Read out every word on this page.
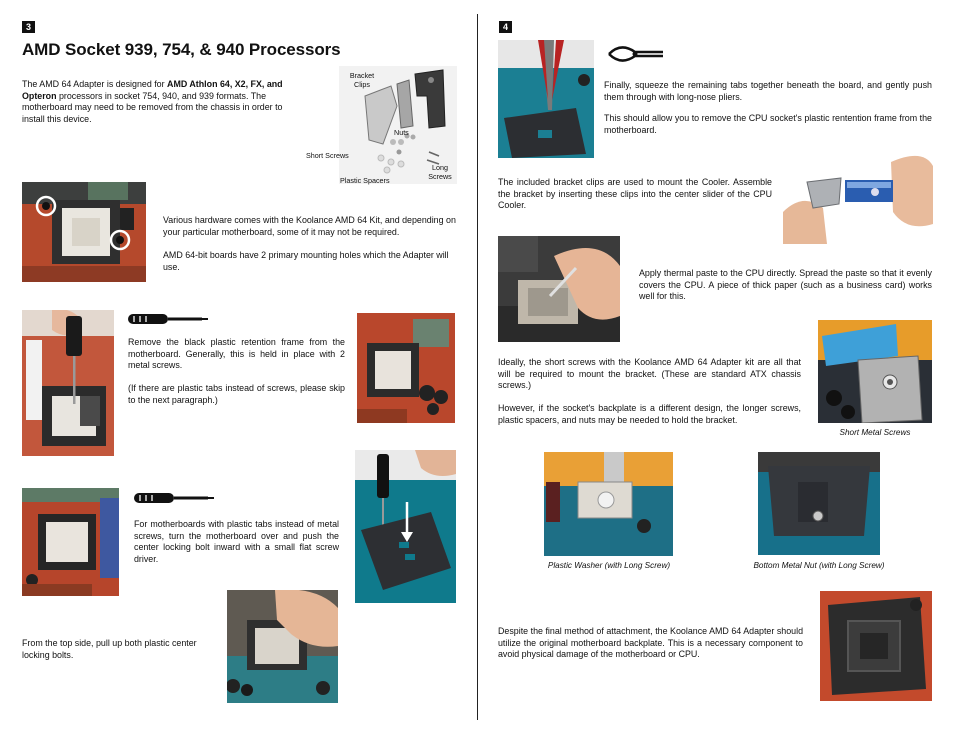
3
AMD Socket 939, 754, & 940 Processors
The AMD 64 Adapter is designed for AMD Athlon 64, X2, FX, and Opteron processors in socket 754, 940, and 939 formats. The motherboard may need to be removed from the chassis in order to install this device.
Bracket Clips
Nuts
Short Screws
Long Screws
Plastic Spacers
Various hardware comes with the Koolance AMD 64 Kit, and depending on your particular motherboard, some of it may not be required.
AMD 64-bit boards have 2 primary mounting holes which the Adapter will use.
Remove the black plastic retention frame from the motherboard. Generally, this is held in place with 2 metal screws.
(If there are plastic tabs instead of screws, please skip to the next paragraph.)
For motherboards with plastic tabs instead of metal screws, turn the motherboard over and push the center locking bolt inward with a small flat screw driver.
From the top side, pull up both plastic center locking bolts.
4
Finally, squeeze the remaining tabs together beneath the board, and gently push them through with long-nose pliers.
This should allow you to remove the CPU socket's plastic rentention frame from the motherboard.
The included bracket clips are used to mount the Cooler. Assemble the bracket by inserting these clips into the center slider of the CPU Cooler.
Apply thermal paste to the CPU directly. Spread the paste so that it evenly covers the CPU. A piece of thick paper (such as a business card) works well for this.
Short Metal Screws
Ideally, the short screws with the Koolance AMD 64 Adapter kit are all that will be required to mount the bracket. (These are standard ATX chassis screws.)
However, if the socket's backplate is a different design, the longer screws, plastic spacers, and nuts may be needed to hold the bracket.
Plastic Washer (with Long Screw)	Bottom Metal Nut (with Long Screw)
Despite the final method of attachment, the Koolance AMD 64 Adapter should utilize the original motherboard backplate. This is a necessary component to avoid physical damage of the motherboard or CPU.
